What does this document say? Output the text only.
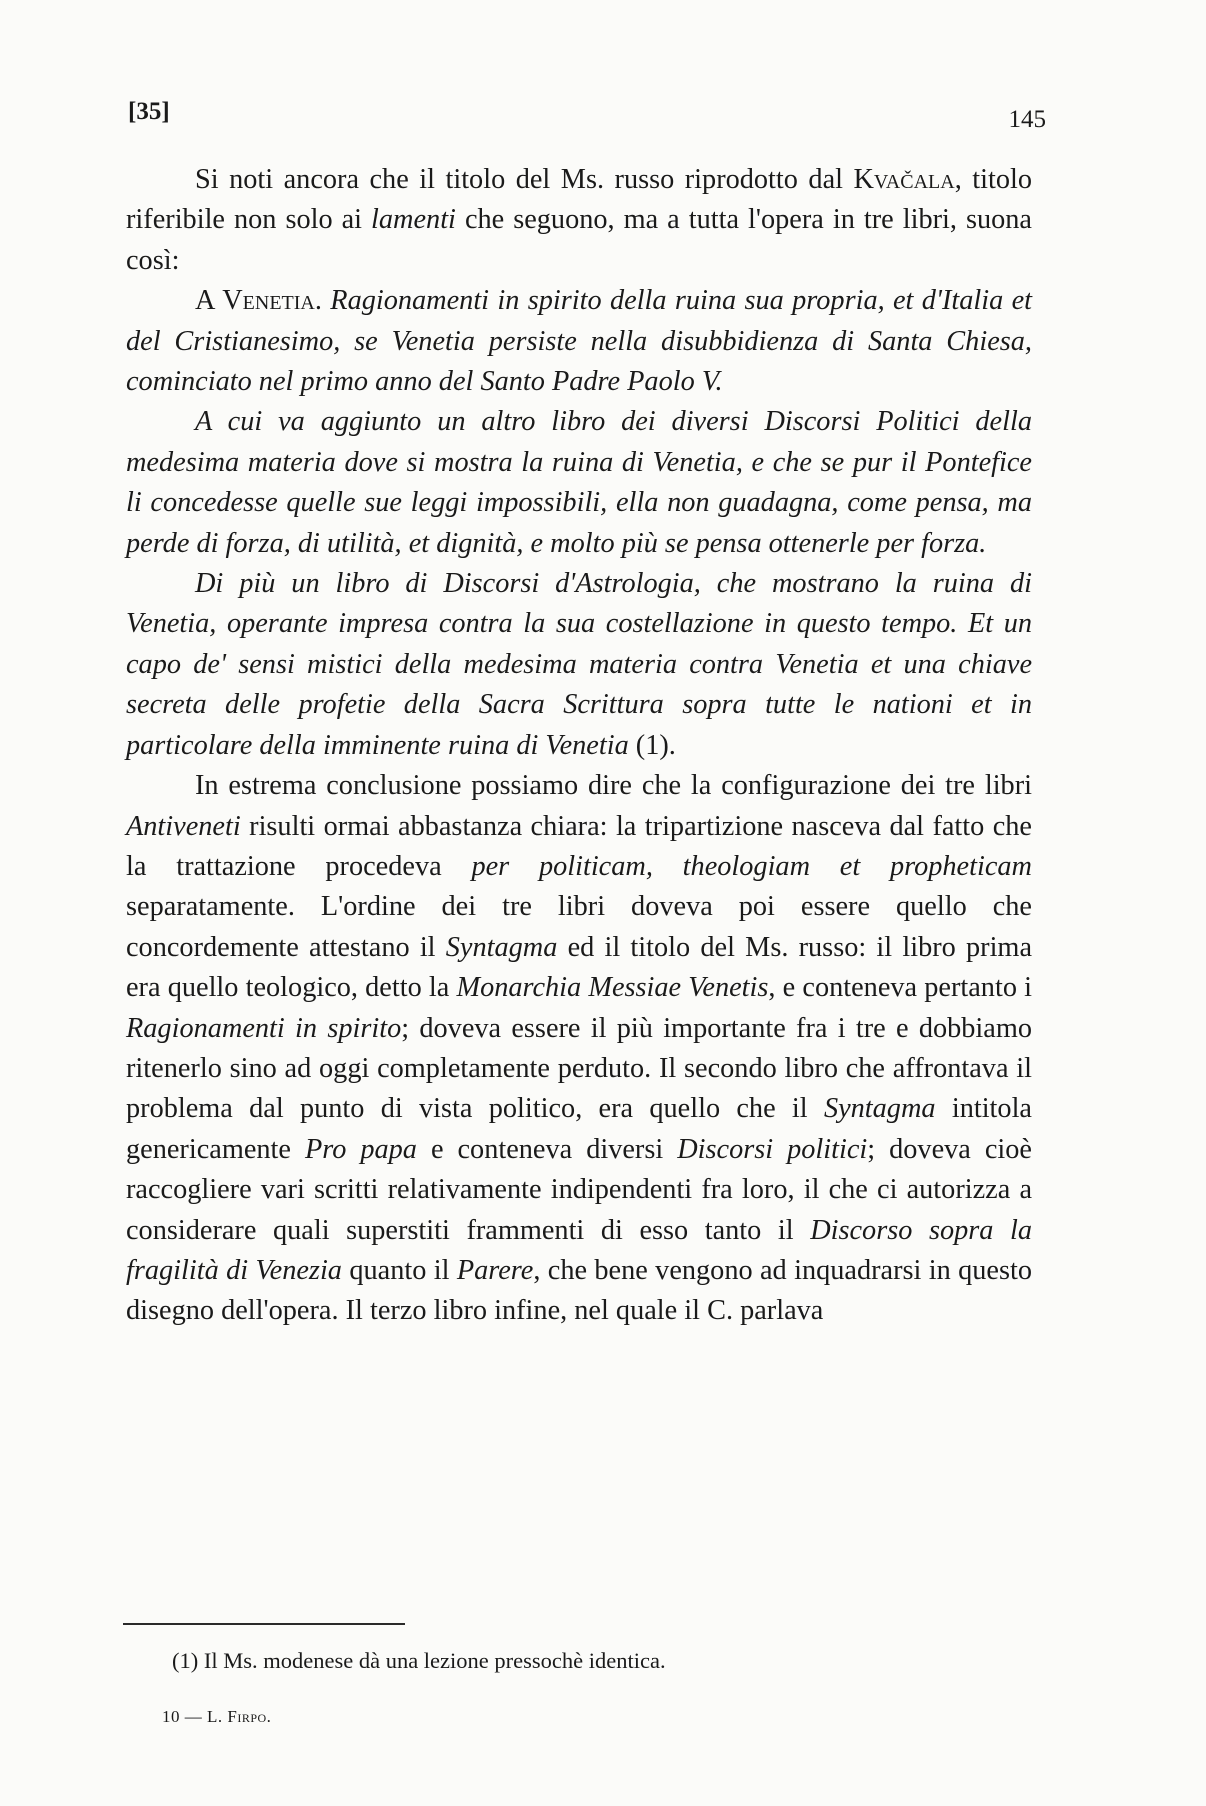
[35]	145

Si noti ancora che il titolo del Ms. russo riprodotto dal Kvačala, titolo riferibile non solo ai lamenti che seguono, ma a tutta l'opera in tre libri, suona così:

A Venetia. Ragionamenti in spirito della ruina sua propria, et d'Italia et del Cristianesimo, se Venetia persiste nella disubbidienza di Santa Chiesa, cominciato nel primo anno del Santo Padre Paolo V.

A cui va aggiunto un altro libro dei diversi Discorsi Politici della medesima materia dove si mostra la ruina di Venetia, e che se pur il Pontefice li concedesse quelle sue leggi impossibili, ella non guadagna, come pensa, ma perde di forza, di utilità, et dignità, e molto più se pensa ottenerle per forza.

Di più un libro di Discorsi d'Astrologia, che mostrano la ruina di Venetia, operante impresa contra la sua costellazione in questo tempo. Et un capo de' sensi mistici della medesima materia contra Venetia et una chiave secreta delle profetie della Sacra Scrittura sopra tutte le nationi et in particolare della imminente ruina di Venetia (1).

In estrema conclusione possiamo dire che la configurazione dei tre libri Antiveneti risulti ormai abbastanza chiara: la tripartizione nasceva dal fatto che la trattazione procedeva per politicam, theologiam et propheticam separatamente. L'ordine dei tre libri doveva poi essere quello che concordemente attestano il Syntagma ed il titolo del Ms. russo: il libro prima era quello teologico, detto la Monarchia Messiae Venetis, e conteneva pertanto i Ragionamenti in spirito; doveva essere il più importante fra i tre e dobbiamo ritenerlo sino ad oggi completamente perduto. Il secondo libro che affrontava il problema dal punto di vista politico, era quello che il Syntagma intitola genericamente Pro papa e conteneva diversi Discorsi politici; doveva cioè raccogliere vari scritti relativamente indipendenti fra loro, il che ci autorizza a considerare quali superstiti frammenti di esso tanto il Discorso sopra la fragilità di Venezia quanto il Parere, che bene vengono ad inquadrarsi in questo disegno dell'opera. Il terzo libro infine, nel quale il C. parlava

(1) Il Ms. modenese dà una lezione pressochè identica.
10 — L. Firpo.
